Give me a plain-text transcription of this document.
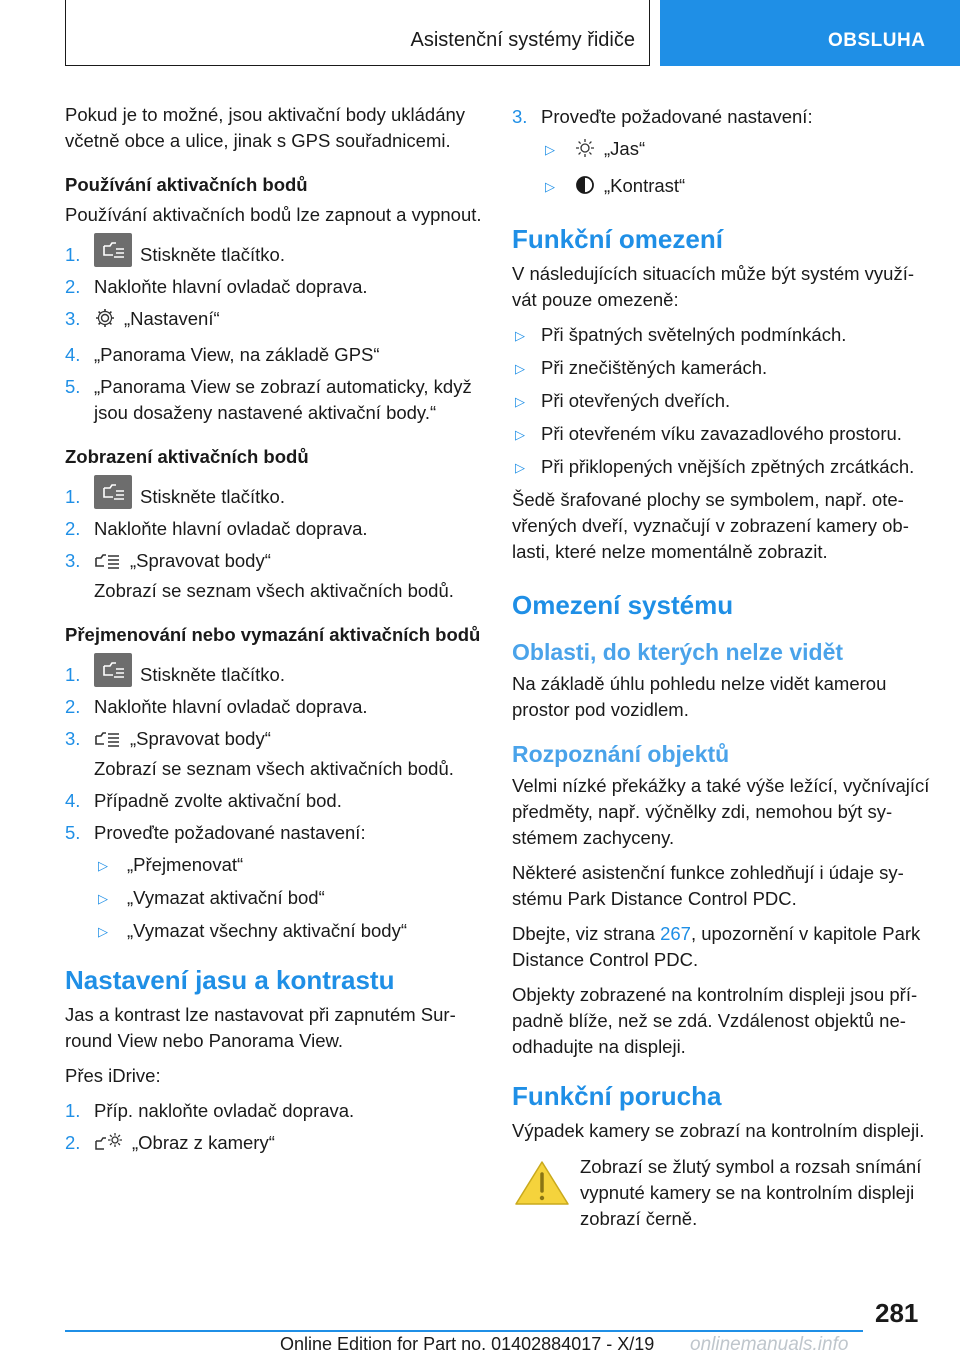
Asistenční systémy řidiče	OBSLUHA

Pokud je to možné, jsou aktivační body ukládány včetně obce a ulice, jinak s GPS souřadnicemi.

Používání aktivačních bodů

Používání aktivačních bodů lze zapnout a vypnout.

1.	Stiskněte tlačítko.
2. Nakloňte hlavní ovladač doprava.
3. „Nastavení“
4. „Panorama View, na základě GPS“
5. „Panorama View se zobrazí automaticky, když jsou dosaženy nastavené aktivační body.“

Zobrazení aktivačních bodů

1.	Stiskněte tlačítko.
2. Nakloňte hlavní ovladač doprava.
3.	„Spravovat body“
Zobrazí se seznam všech aktivačních bodů.

Přejmenování nebo vymazání aktivačních bodů

1.	Stiskněte tlačítko.
2. Nakloňte hlavní ovladač doprava.
3.	„Spravovat body“
Zobrazí se seznam všech aktivačních bodů.
4. Případně zvolte aktivační bod.
5. Proveďte požadované nastavení:
▷ „Přejmenovat“
▷ „Vymazat aktivační bod“
▷ „Vymazat všechny aktivační body“
Nastavení jasu a kontrastu

Jas a kontrast lze nastavovat při zapnutém Surround View nebo Panorama View.

Přes iDrive:

1. Příp. nakloňte ovladač doprava.
2.	„Obraz z kamery“
3. Proveďte požadované nastavení:
▷	„Jas“
▷	„Kontrast“
Funkční omezení

V následujících situacích může být systém využívát pouze omezeně:

▷ Při špatných světelných podmínkách.
▷ Při znečištěných kamerách.
▷ Při otevřených dveřích.
▷ Při otevřeném víku zavazadlového prostoru.
▷ Při přiklopených vnějších zpětných zrcátkách.

Šedě šrafované plochy se symbolem, např. otevřených dveří, vyznačují v zobrazení kamery oblasti, které nelze momentálně zobrazit.

Omezení systému
Oblasti, do kterých nelze vidět

Na základě úhlu pohledu nelze vidět kamerou prostor pod vozidlem.

Rozpoznání objektů

Velmi nízké překážky a také výše ležící, vyčnívající předměty, např. výčnělky zdi, nemohou být systémem zachyceny.

Některé asistenční funkce zohledňují i údaje systému Park Distance Control PDC.

Dbejte, viz strana 267, upozornění v kapitole Park Distance Control PDC.

Objekty zobrazené na kontrolním displeji jsou případně blíže, než se zdá. Vzdálenost objektů neodhadujte na displeji.

Funkční porucha

Výpadek kamery se zobrazí na kontrolním displeji.

Zobrazí se žlutý symbol a rozsah snímání vypnuté kamery se na kontrolním displeji zobrazí černě.

281
Online Edition for Part no. 01402884017 - X/19 onlinemanuals.info
